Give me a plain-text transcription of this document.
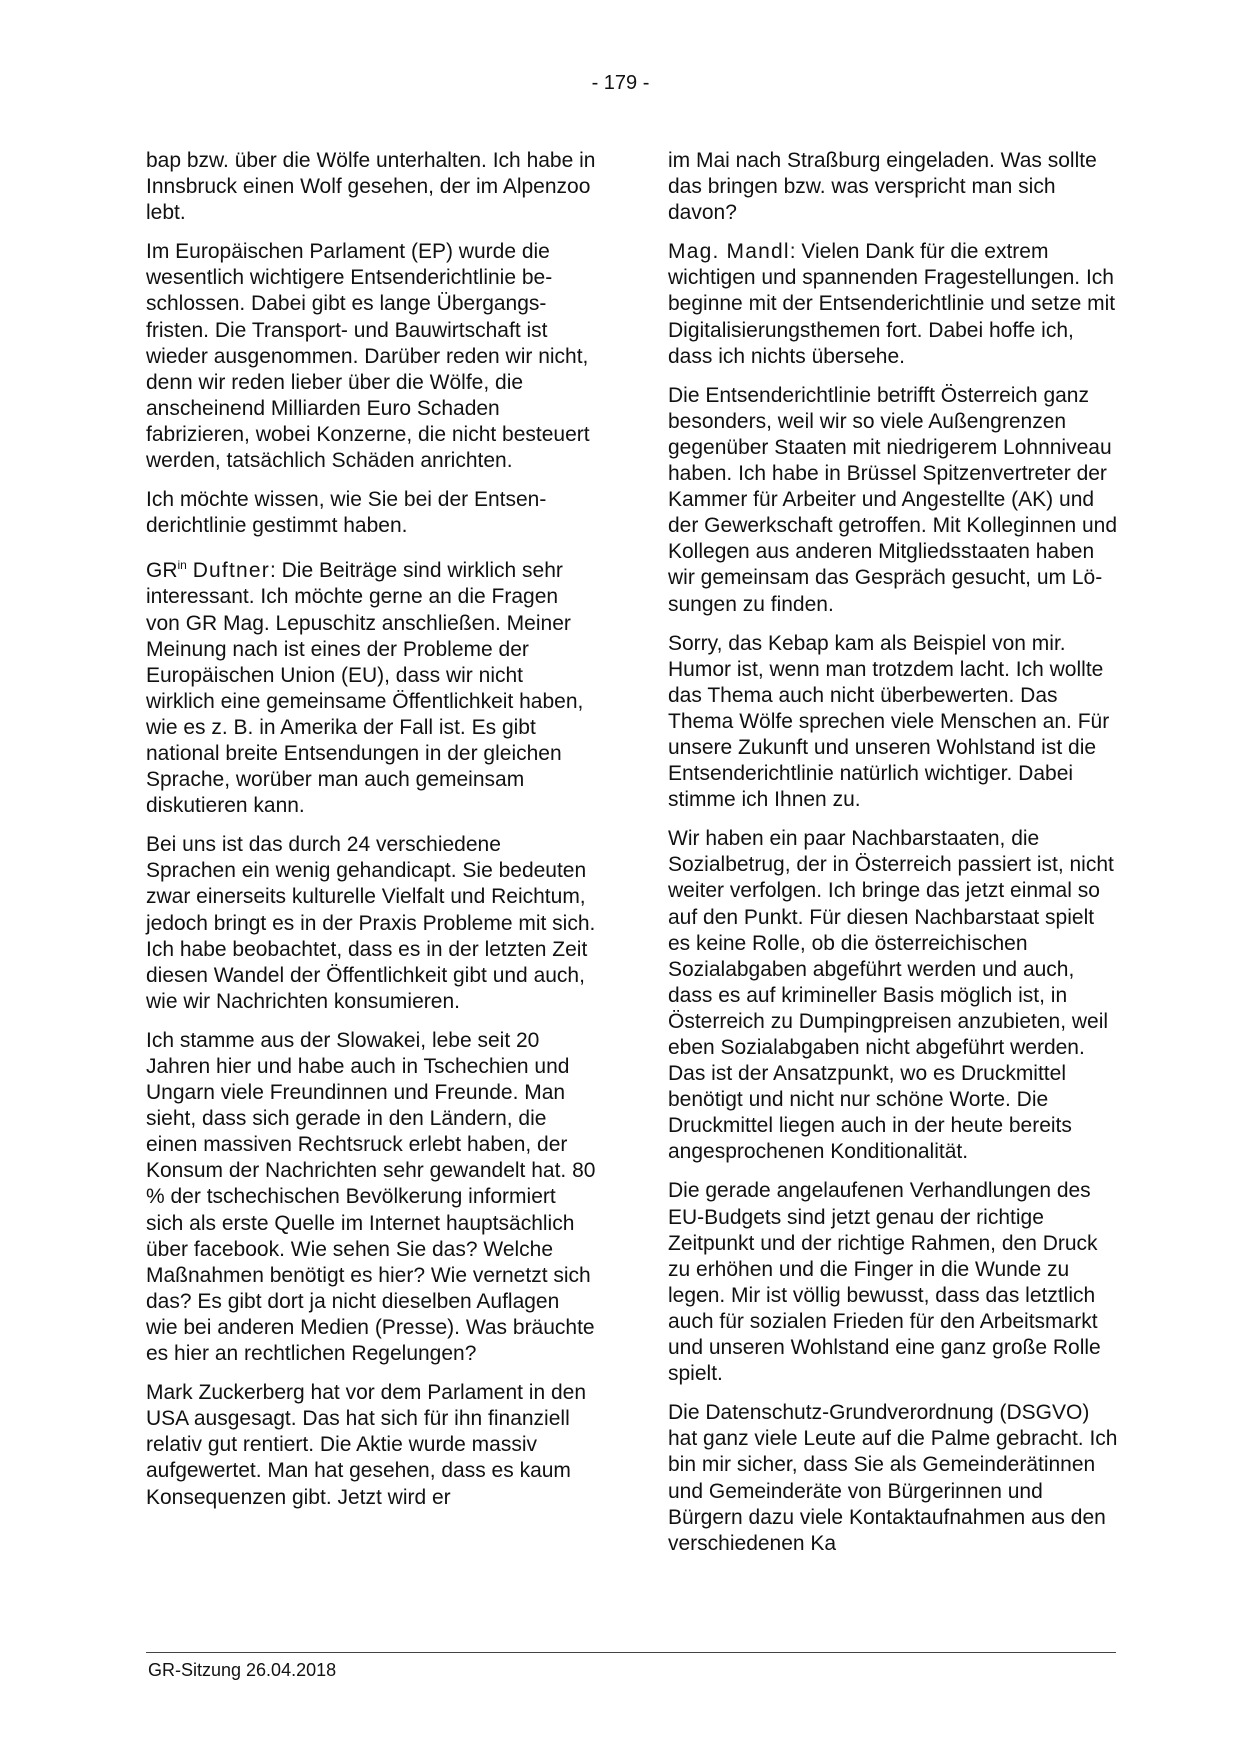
- 179 -

bap bzw. über die Wölfe unterhalten. Ich habe in Innsbruck einen Wolf gesehen, der im Alpenzoo lebt.

Im Europäischen Parlament (EP) wurde die wesentlich wichtigere Entsenderichtlinie beschlossen. Dabei gibt es lange Übergangsfristen. Die Transport- und Bauwirtschaft ist wieder ausgenommen. Darüber reden wir nicht, denn wir reden lieber über die Wölfe, die anscheinend Milliarden Euro Schaden fabrizieren, wobei Konzerne, die nicht besteuert werden, tatsächlich Schäden anrichten.

Ich möchte wissen, wie Sie bei der Entsenderichtlinie gestimmt haben.

$GR^{in}$ Duftner: Die Beiträge sind wirklich sehr interessant. Ich möchte gerne an die Fragen von GR Mag. Lepuschitz anschließen. Meiner Meinung nach ist eines der Probleme der Europäischen Union (EU), dass wir nicht wirklich eine gemeinsame Öffentlichkeit haben, wie es z. B. in Amerika der Fall ist. Es gibt national breite Entsendungen in der gleichen Sprache, worüber man auch gemeinsam diskutieren kann.

Bei uns ist das durch 24 verschiedene Sprachen ein wenig gehandicapt. Sie bedeuten zwar einerseits kulturelle Vielfalt und Reichtum, jedoch bringt es in der Praxis Probleme mit sich. Ich habe beobachtet, dass es in der letzten Zeit diesen Wandel der Öffentlichkeit gibt und auch, wie wir Nachrichten konsumieren.

Ich stamme aus der Slowakei, lebe seit 20 Jahren hier und habe auch in Tschechien und Ungarn viele Freundinnen und Freunde. Man sieht, dass sich gerade in den Ländern, die einen massiven Rechtsruck erlebt haben, der Konsum der Nachrichten sehr gewandelt hat. 80 % der tschechischen Bevölkerung informiert sich als erste Quelle im Internet hauptsächlich über facebook. Wie sehen Sie das? Welche Maßnahmen benötigt es hier? Wie vernetzt sich das? Es gibt dort ja nicht dieselben Auflagen wie bei anderen Medien (Presse). Was bräuchte es hier an rechtlichen Regelungen?

Mark Zuckerberg hat vor dem Parlament in den USA ausgesagt. Das hat sich für ihn finanziell relativ gut rentiert. Die Aktie wurde massiv aufgewertet. Man hat gesehen, dass es kaum Konsequenzen gibt. Jetzt wird er

im Mai nach Straßburg eingeladen. Was sollte das bringen bzw. was verspricht man sich davon?

Mag. Mandl: Vielen Dank für die extrem wichtigen und spannenden Fragestellungen. Ich beginne mit der Entsenderichtlinie und setze mit Digitalisierungsthemen fort. Dabei hoffe ich, dass ich nichts übersehe.

Die Entsenderichtlinie betrifft Österreich ganz besonders, weil wir so viele Außengrenzen gegenüber Staaten mit niedrigerem Lohnniveau haben. Ich habe in Brüssel Spitzenvertreter der Kammer für Arbeiter und Angestellte (AK) und der Gewerkschaft getroffen. Mit Kolleginnen und Kollegen aus anderen Mitgliedsstaaten haben wir gemeinsam das Gespräch gesucht, um Lösungen zu finden.

Sorry, das Kebap kam als Beispiel von mir. Humor ist, wenn man trotzdem lacht. Ich wollte das Thema auch nicht überbewerten. Das Thema Wölfe sprechen viele Menschen an. Für unsere Zukunft und unseren Wohlstand ist die Entsenderichtlinie natürlich wichtiger. Dabei stimme ich Ihnen zu.

Wir haben ein paar Nachbarstaaten, die Sozialbetrug, der in Österreich passiert ist, nicht weiter verfolgen. Ich bringe das jetzt einmal so auf den Punkt. Für diesen Nachbarstaat spielt es keine Rolle, ob die österreichischen Sozialabgaben abgeführt werden und auch, dass es auf krimineller Basis möglich ist, in Österreich zu Dumpingpreisen anzubieten, weil eben Sozialabgaben nicht abgeführt werden. Das ist der Ansatzpunkt, wo es Druckmittel benötigt und nicht nur schöne Worte. Die Druckmittel liegen auch in der heute bereits angesprochenen Konditionalität.

Die gerade angelaufenen Verhandlungen des EU-Budgets sind jetzt genau der richtige Zeitpunkt und der richtige Rahmen, den Druck zu erhöhen und die Finger in die Wunde zu legen. Mir ist völlig bewusst, dass das letztlich auch für sozialen Frieden für den Arbeitsmarkt und unseren Wohlstand eine ganz große Rolle spielt.

Die Datenschutz-Grundverordnung (DSGVO) hat ganz viele Leute auf die Palme gebracht. Ich bin mir sicher, dass Sie als Gemeinderätinnen und Gemeinderäte von Bürgerinnen und Bürgern dazu viele Kontaktaufnahmen aus den verschiedenen Ka

GR-Sitzung 26.04.2018
